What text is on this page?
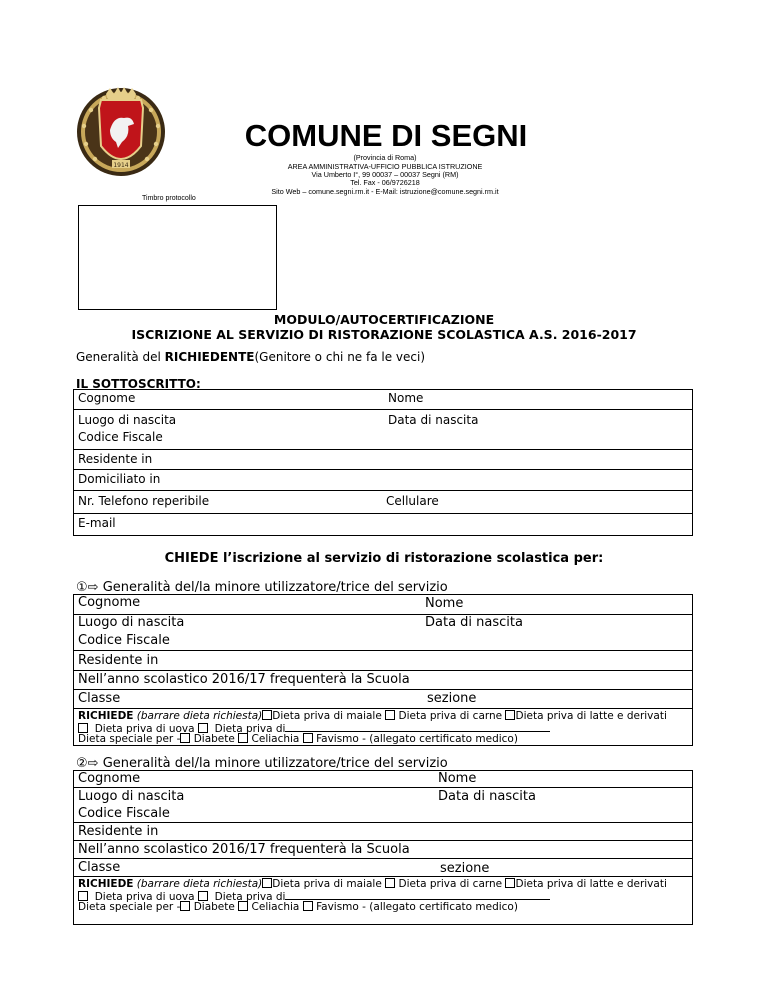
1914
COMUNE DI SEGNI
(Provincia di Roma)
AREA AMMINISTRATIVA-UFFICIO PUBBLICA ISTRUZIONE
Via Umberto I°, 99 00037 – 00037 Segni (RM)
Tel. Fax - 06/9726218
Sito Web – comune.segni.rm.it - E-Mail: istruzione@comune.segni.rm.it
Timbro protocollo
MODULO/AUTOCERTIFICAZIONE
ISCRIZIONE AL SERVIZIO DI RISTORAZIONE SCOLASTICA A.S. 2016-2017
Generalità del RICHIEDENTE(Genitore o chi ne fa le veci)
IL SOTTOSCRITTO:
Cognome	Nome
Luogo di nascita	Data di nascita
Codice Fiscale
Residente in
Domiciliato in
Nr. Telefono reperibile	Cellulare
E-mail
CHIEDE l’iscrizione al servizio di ristorazione scolastica per:
①⇨ Generalità del/la minore utilizzatore/trice del servizio
Cognome	Nome
Luogo di nascita	Data di nascita
Codice Fiscale
Residente in
Nell’anno scolastico 2016/17 frequenterà la Scuola
Classe	sezione
RICHIEDE (barrare dieta richiesta) Dieta priva di maiale Dieta priva di carne Dieta priva di latte e derivati
Dieta priva di uova Dieta priva di
Dieta speciale per - Diabete Celiachia Favismo - (allegato certificato medico)
②⇨ Generalità del/la minore utilizzatore/trice del servizio
Cognome	Nome
Luogo di nascita	Data di nascita
Codice Fiscale
Residente in
Nell’anno scolastico 2016/17 frequenterà la Scuola
Classe	sezione
RICHIEDE (barrare dieta richiesta) Dieta priva di maiale Dieta priva di carne Dieta priva di latte e derivati
Dieta priva di uova Dieta priva di
Dieta speciale per - Diabete Celiachia Favismo - (allegato certificato medico)
